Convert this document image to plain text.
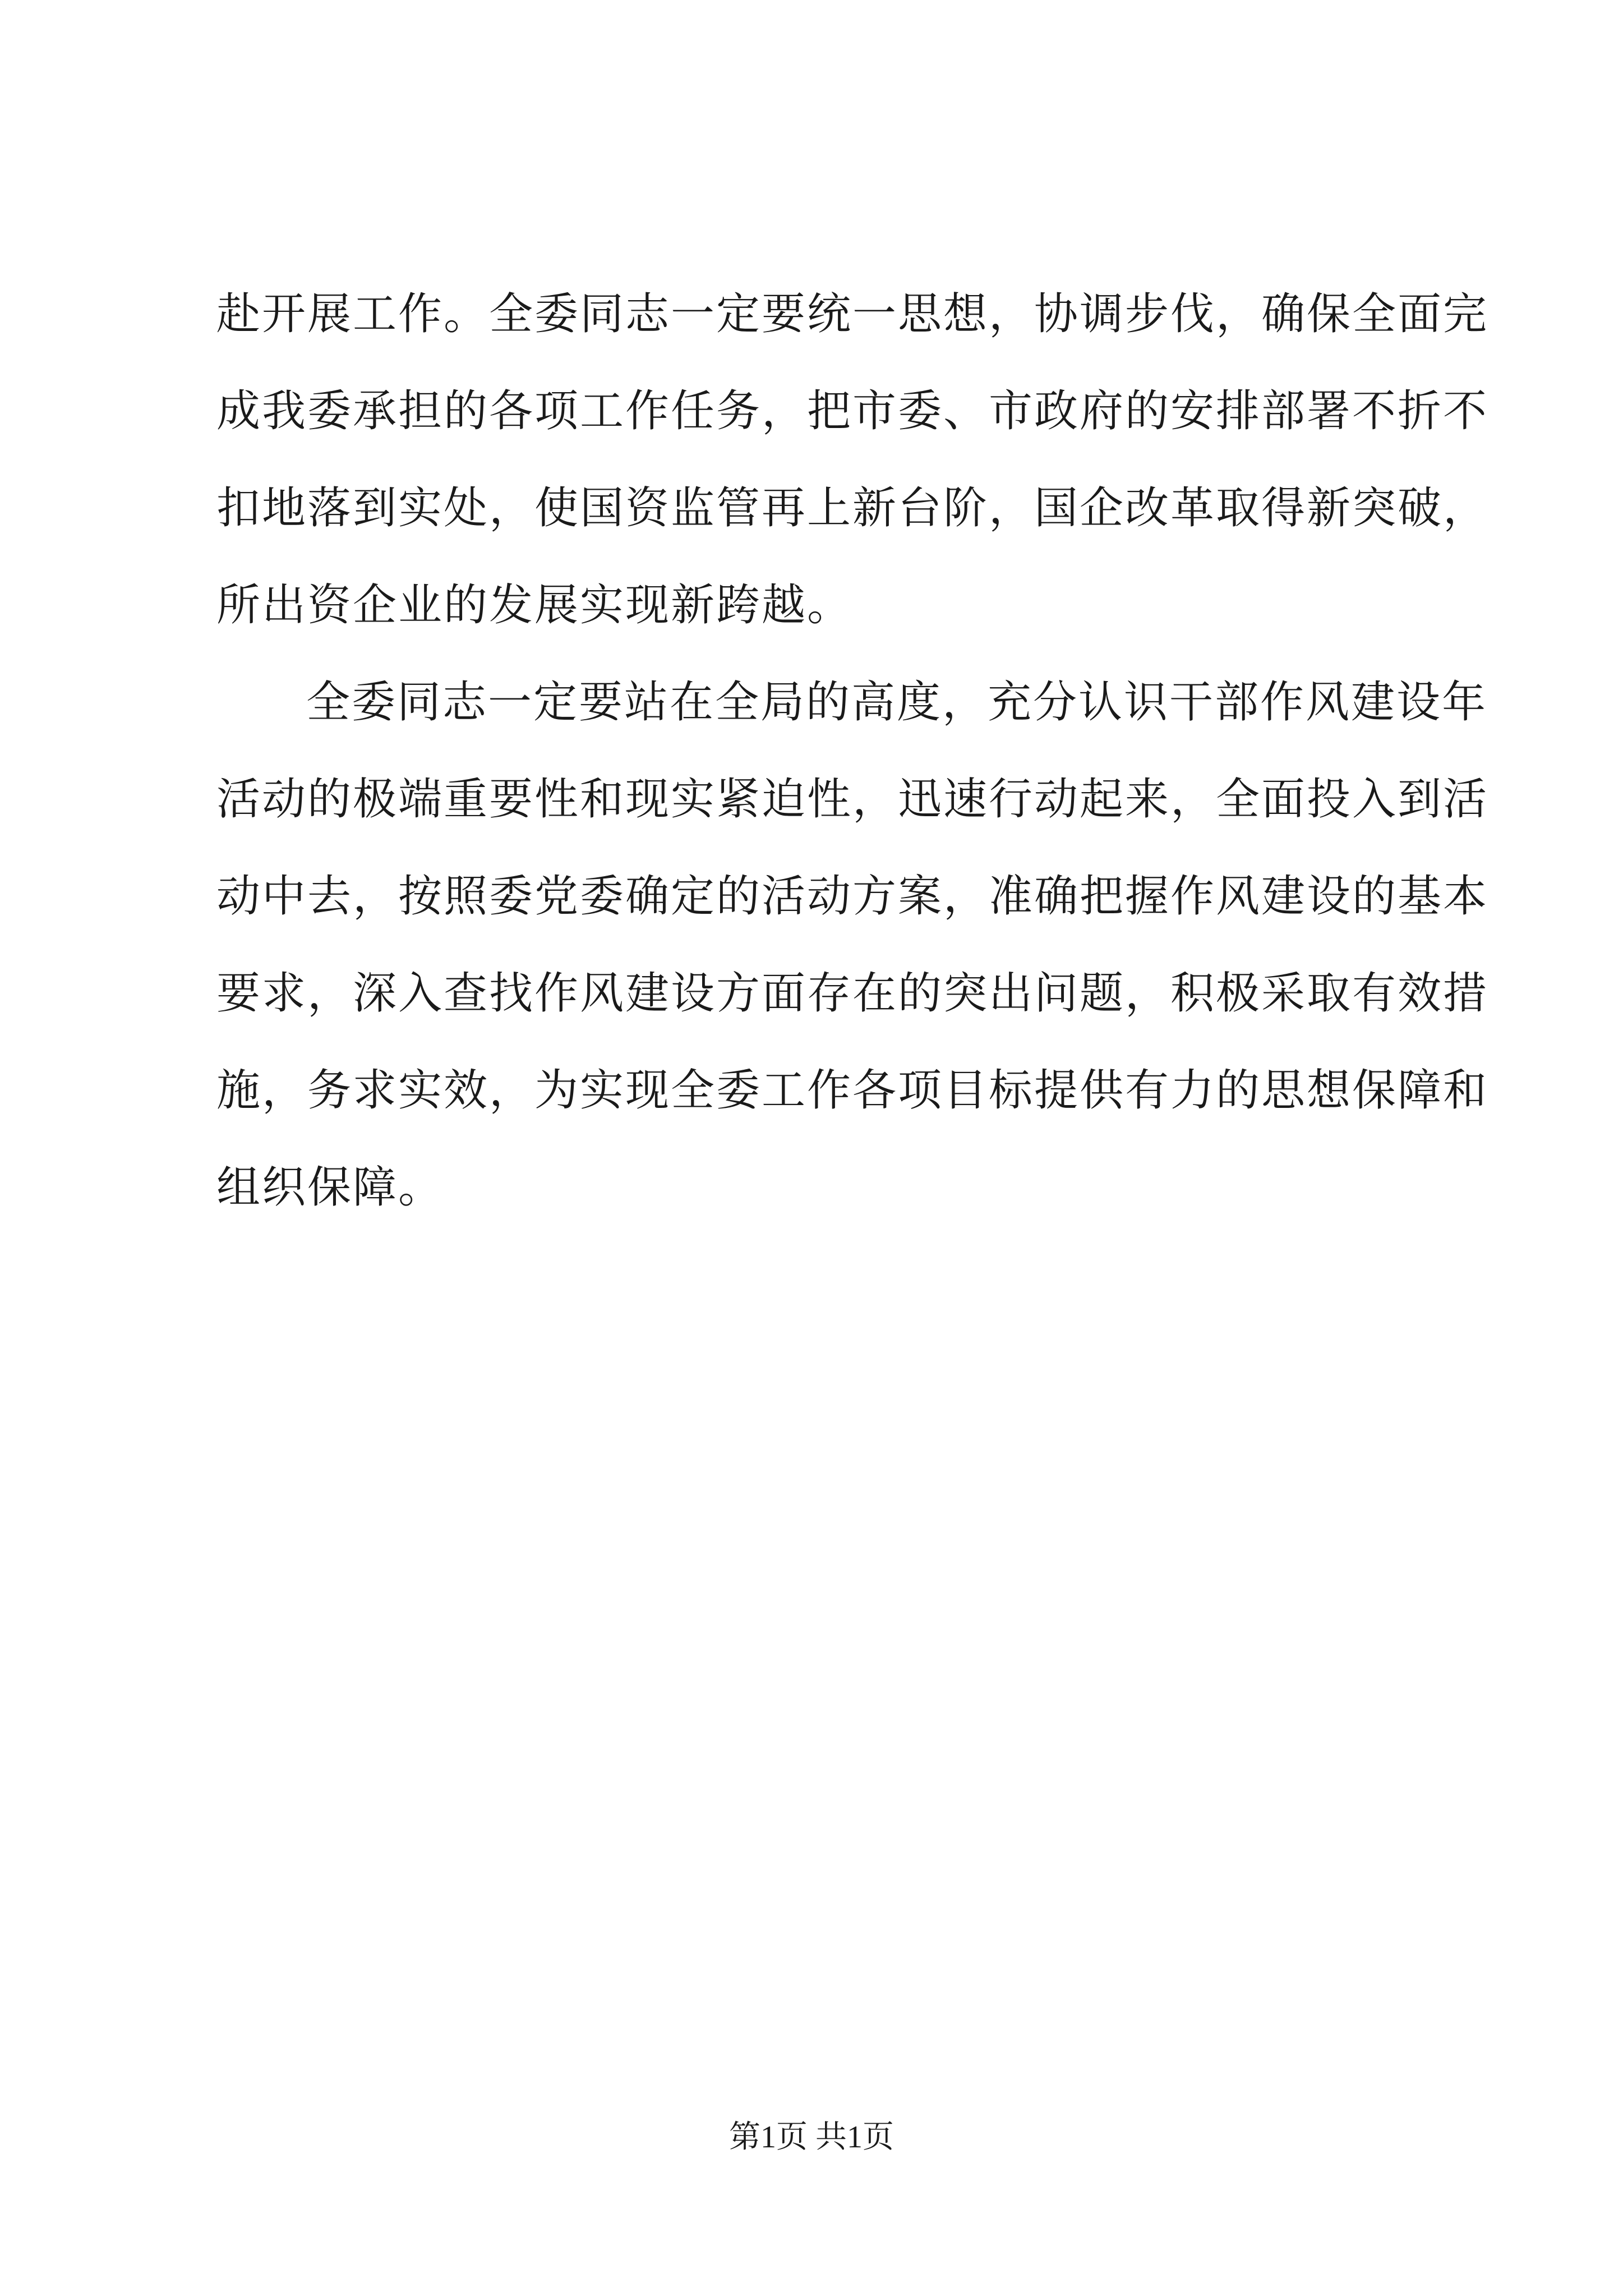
赴开展工作。全委同志一定要统一思想，协调步伐，确保全面完
成我委承担的各项工作任务，把市委、市政府的安排部署不折不
扣地落到实处，使国资监管再上新台阶，国企改革取得新突破，
所出资企业的发展实现新跨越。
全委同志一定要站在全局的高度，充分认识干部作风建设年
活动的极端重要性和现实紧迫性，迅速行动起来，全面投入到活
动中去，按照委党委确定的活动方案，准确把握作风建设的基本
要求，深入查找作风建设方面存在的突出问题，积极采取有效措
施，务求实效，为实现全委工作各项目标提供有力的思想保障和
组织保障。
第1页 共1页
